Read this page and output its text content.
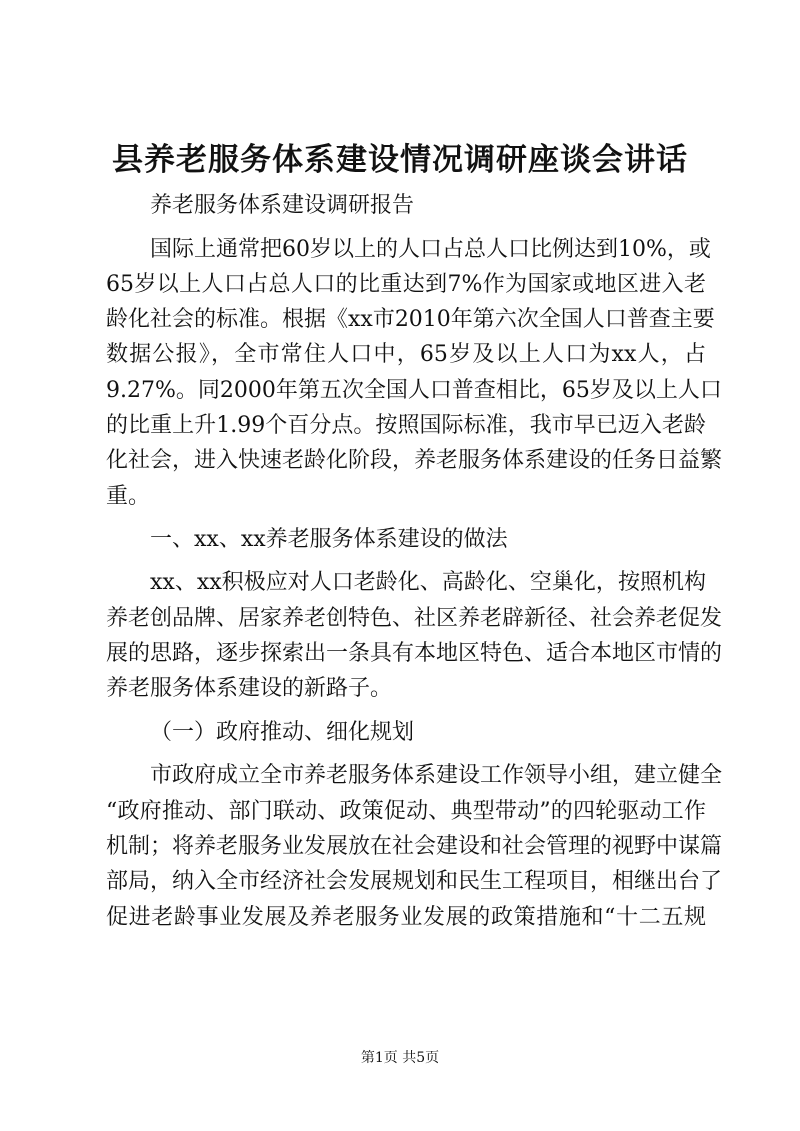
县养老服务体系建设情况调研座谈会讲话

养老服务体系建设调研报告

国际上通常把60岁以上的人口占总人口比例达到10%，或

65岁以上人口占总人口的比重达到7%作为国家或地区进入老

龄化社会的标准。根据《xx市2010年第六次全国人口普查主要

数据公报》，全市常住人口中，65岁及以上人口为xx人，占

9.27%。同2000年第五次全国人口普查相比，65岁及以上人口

的比重上升1.99个百分点。按照国际标准，我市早已迈入老龄

化社会，进入快速老龄化阶段，养老服务体系建设的任务日益繁

重。

一、xx、xx养老服务体系建设的做法

xx、xx积极应对人口老龄化、高龄化、空巢化，按照机构

养老创品牌、居家养老创特色、社区养老辟新径、社会养老促发

展的思路，逐步探索出一条具有本地区特色、适合本地区市情的

养老服务体系建设的新路子。

（一）政府推动、细化规划

市政府成立全市养老服务体系建设工作领导小组，建立健全

“政府推动、部门联动、政策促动、典型带动”的四轮驱动工作

机制；将养老服务业发展放在社会建设和社会管理的视野中谋篇

部局，纳入全市经济社会发展规划和民生工程项目，相继出台了

促进老龄事业发展及养老服务业发展的政策措施和“十二五规

第1页 共5页
